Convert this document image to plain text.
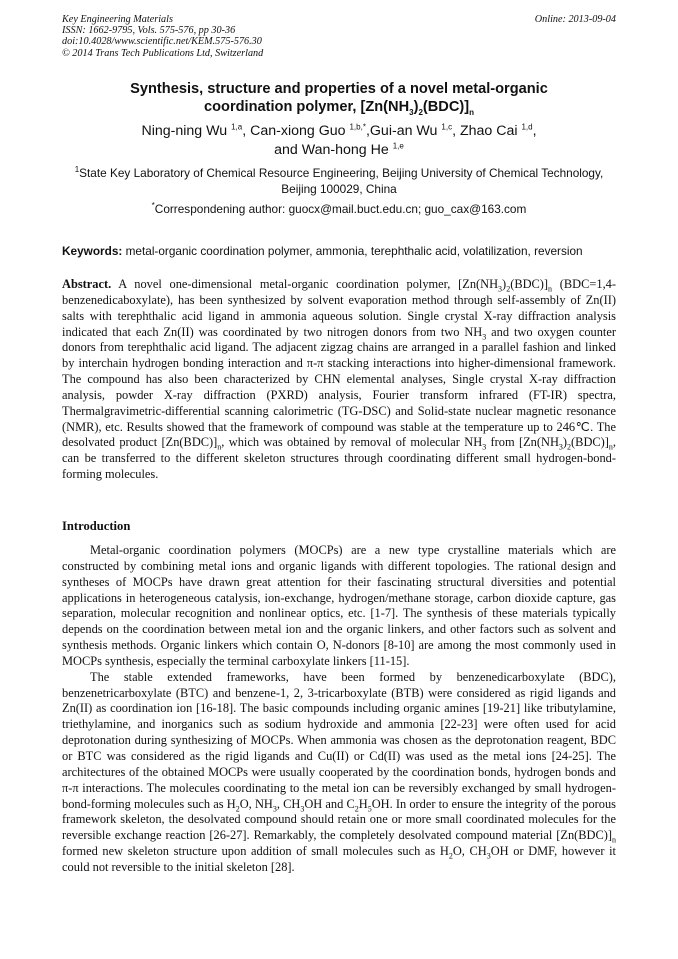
Key Engineering Materials
ISSN: 1662-9795, Vols. 575-576, pp 30-36
doi:10.4028/www.scientific.net/KEM.575-576.30
© 2014 Trans Tech Publications Ltd, Switzerland
Online: 2013-09-04
Synthesis, structure and properties of a novel metal-organic
coordination polymer, $[Zn(NH_3)_2(BDC)]_n$
Ning-ning Wu $^{1,a}$, Can-xiong Guo $^{1,b,*}$,Gui-an Wu $^{1,c}$, Zhao Cai $^{1,d}$,
and Wan-hong He $^{1,e}$
$^1$State Key Laboratory of Chemical Resource Engineering, Beijing University of Chemical Technology, Beijing 100029, China
*Correspondening author: guocx@mail.buct.edu.cn; guo_cax@163.com
Keywords: metal-organic coordination polymer, ammonia, terephthalic acid, volatilization, reversion
Abstract. A novel one-dimensional metal-organic coordination polymer, $[Zn(NH_3)_2(BDC)]_n$ (BDC=1,4-benzenedicaboxylate), has been synthesized by solvent evaporation method through self-assembly of Zn(II) salts with terephthalic acid ligand in ammonia aqueous solution. Single crystal X-ray diffraction analysis indicated that each Zn(II) was coordinated by two nitrogen donors from two $NH_3$ and two oxygen counter donors from terephthalic acid ligand. The adjacent zigzag chains are arranged in a parallel fashion and linked by interchain hydrogen bonding interaction and π-π stacking interactions into higher-dimensional framework. The compound has also been characterized by CHN elemental analyses, Single crystal X-ray diffraction analysis, powder X-ray diffraction (PXRD) analysis, Fourier transform infrared (FT-IR) spectra, Thermalgravimetric-differential scanning calorimetric (TG-DSC) and Solid-state nuclear magnetic resonance (NMR), etc. Results showed that the framework of compound was stable at the temperature up to 246℃. The desolvated product $[Zn(BDC)]_n$, which was obtained by removal of molecular $NH_3$ from $[Zn(NH_3)_2(BDC)]_n$, can be transferred to the different skeleton structures through coordinating different small hydrogen-bond-forming molecules.
Introduction

Metal-organic coordination polymers (MOCPs) are a new type crystalline materials which are constructed by combining metal ions and organic ligands with different topologies. The rational design and syntheses of MOCPs have drawn great attention for their fascinating structural diversities and potential applications in heterogeneous catalysis, ion-exchange, hydrogen/methane storage, carbon dioxide capture, gas separation, molecular recognition and nonlinear optics, etc. [1-7]. The synthesis of these materials typically depends on the coordination between metal ion and the organic linkers, and other factors such as solvent and synthesis methods. Organic linkers which contain O, N-donors [8-10] are among the most commonly used in MOCPs synthesis, especially the terminal carboxylate linkers [11-15].

The stable extended frameworks, have been formed by benzenedicarboxylate (BDC), benzenetricarboxylate (BTC) and benzene-1, 2, 3-tricarboxylate (BTB) were considered as rigid ligands and Zn(II) as coordination ion [16-18]. The basic compounds including organic amines [19-21] like tributylamine, triethylamine, and inorganics such as sodium hydroxide and ammonia [22-23] were often used for acid deprotonation during synthesizing of MOCPs. When ammonia was chosen as the deprotonation reagent, BDC or BTC was considered as the rigid ligands and Cu(II) or Cd(II) was used as the metal ions [24-25]. The architectures of the obtained MOCPs were usually cooperated by the coordination bonds, hydrogen bonds and π-π interactions. The molecules coordinating to the metal ion can be reversibly exchanged by small hydrogen-bond-forming molecules such as $H_2O$, $NH_3$, $CH_3OH$ and $C_2H_5OH$. In order to ensure the integrity of the porous framework skeleton, the desolvated compound should retain one or more small coordinated molecules for the reversible exchange reaction [26-27]. Remarkably, the completely desolvated compound material $[Zn(BDC)]_n$ formed new skeleton structure upon addition of small molecules such as $H_2O$, $CH_3OH$ or DMF, however it could not reversible to the initial skeleton [28].
